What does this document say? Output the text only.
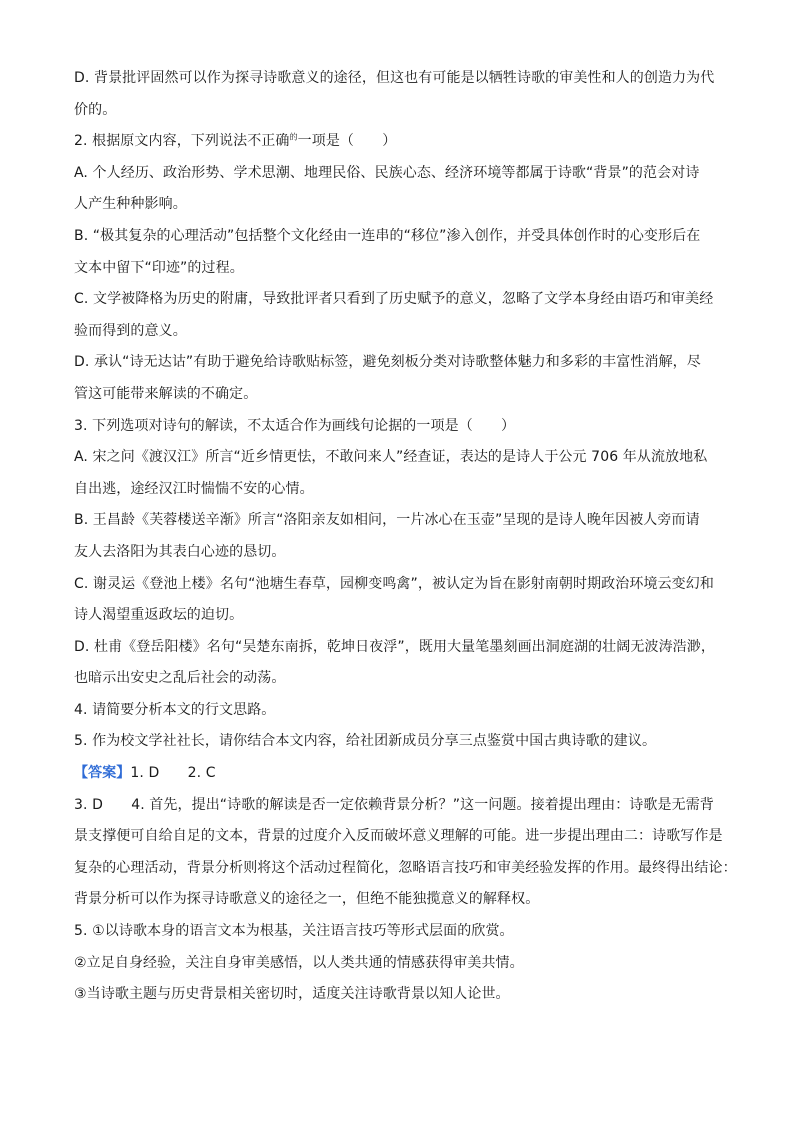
D. 背景批评固然可以作为探寻诗歌意义的途径，但这也有可能是以牺牲诗歌的审美性和人的创造力为代
价的。
2. 根据原文内容，下列说法不正确$^的$一项是（　　）
A. 个人经历、政治形势、学术思潮、地理民俗、民族心态、经济环境等都属于诗歌“背景”的范会对诗
人产生种种影响。
B. “极其复杂的心理活动”包括整个文化经由一连串的“移位”渗入创作，并受具体创作时的心变形后在
文本中留下“印迹”的过程。
C. 文学被降格为历史的附庸，导致批评者只看到了历史赋予的意义，忽略了文学本身经由语巧和审美经
验而得到的意义。
D. 承认“诗无达诂”有助于避免给诗歌贴标签，避免刻板分类对诗歌整体魅力和多彩的丰富性消解，尽
管这可能带来解读的不确定。
3. 下列选项对诗句的解读，不太适合作为画线句论据的一项是（　　）
A. 宋之问《渡汉江》所言“近乡情更怯，不敢问来人”经查证，表达的是诗人于公元 706 年从流放地私
自出逃，途经汉江时惴惴不安的心情。
B. 王昌龄《芙蓉楼送辛渐》所言“洛阳亲友如相问，一片冰心在玉壶”呈现的是诗人晚年因被人旁而请
友人去洛阳为其表白心迹的恳切。
C. 谢灵运《登池上楼》名句“池塘生春草，园柳变鸣禽”，被认定为旨在影射南朝时期政治环境云变幻和
诗人渴望重返政坛的迫切。
D. 杜甫《登岳阳楼》名句“吴楚东南拆，乾坤日夜浮”，既用大量笔墨刻画出洞庭湖的壮阔无波涛浩渺，
也暗示出安史之乱后社会的动荡。
4. 请简要分析本文的行文思路。
5. 作为校文学社社长，请你结合本文内容，给社团新成员分享三点鉴赏中国古典诗歌的建议。
【答案】1. D　　2. C
3. D　　4. 首先，提出“诗歌的解读是否一定依赖背景分析？”这一问题。接着提出理由：诗歌是无需背
景支撑便可自给自足的文本，背景的过度介入反而破坏意义理解的可能。进一步提出理由二：诗歌写作是
复杂的心理活动，背景分析则将这个活动过程简化，忽略语言技巧和审美经验发挥的作用。最终得出结论：
背景分析可以作为探寻诗歌意义的途径之一，但绝不能独揽意义的解释权。
5. ①以诗歌本身的语言文本为根基，关注语言技巧等形式层面的欣赏。
②立足自身经验，关注自身审美感悟，以人类共通的情感获得审美共情。
③当诗歌主题与历史背景相关密切时，适度关注诗歌背景以知人论世。
